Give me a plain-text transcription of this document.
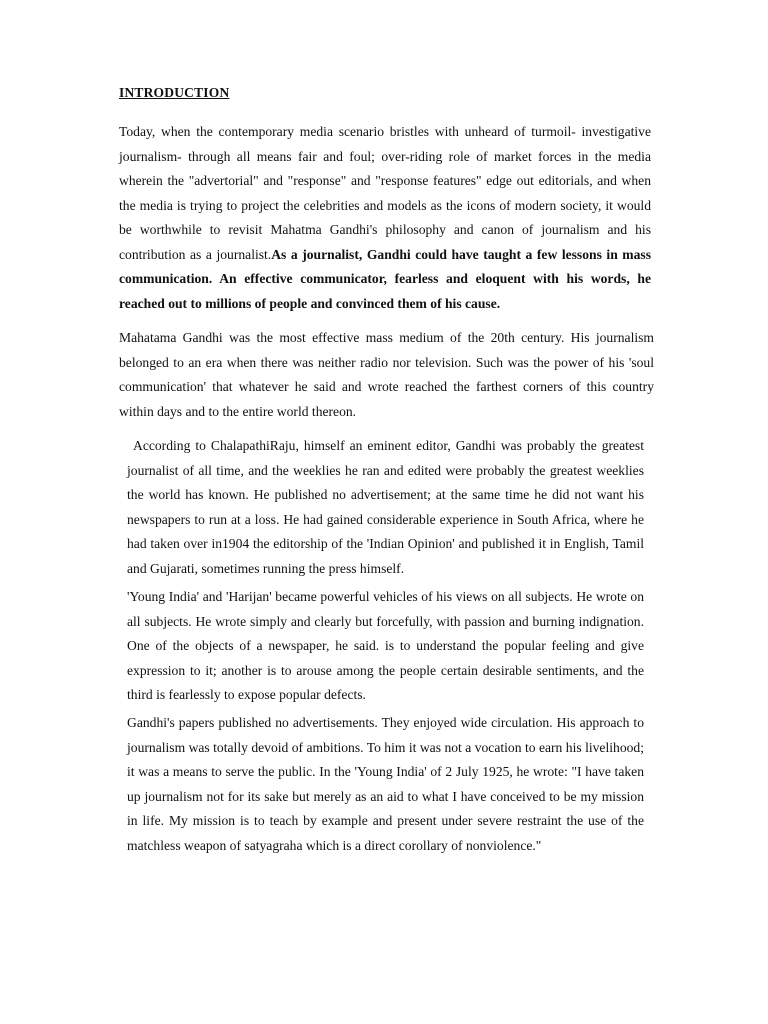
INTRODUCTION

Today, when the contemporary media scenario bristles with unheard of turmoil- investigative journalism- through all means fair and foul; over-riding role of market forces in the media wherein the "advertorial" and "response" and "response features" edge out editorials, and when the media is trying to project the celebrities and models as the icons of modern society, it would be worthwhile to revisit Mahatma Gandhi's philosophy and canon of journalism and his contribution as a journalist.As a journalist, Gandhi could have taught a few lessons in mass communication. An effective communicator, fearless and eloquent with his words, he reached out to millions of people and convinced them of his cause.

Mahatama Gandhi was the most effective mass medium of the 20th century. His journalism belonged to an era when there was neither radio nor television. Such was the power of his 'soul communication' that whatever he said and wrote reached the farthest corners of this country within days and to the entire world thereon.

According to ChalapathiRaju, himself an eminent editor, Gandhi was probably the greatest journalist of all time, and the weeklies he ran and edited were probably the greatest weeklies the world has known. He published no advertisement; at the same time he did not want his newspapers to run at a loss. He had gained considerable experience in South Africa, where he had taken over in1904 the editorship of the 'Indian Opinion' and published it in English, Tamil and Gujarati, sometimes running the press himself.

'Young India' and 'Harijan' became powerful vehicles of his views on all subjects. He wrote on all subjects. He wrote simply and clearly but forcefully, with passion and burning indignation. One of the objects of a newspaper, he said. is to understand the popular feeling and give expression to it; another is to arouse among the people certain desirable sentiments, and the third is fearlessly to expose popular defects.

Gandhi's papers published no advertisements. They enjoyed wide circulation. His approach to journalism was totally devoid of ambitions. To him it was not a vocation to earn his livelihood; it was a means to serve the public. In the 'Young India' of 2 July 1925, he wrote: "I have taken up journalism not for its sake but merely as an aid to what I have conceived to be my mission in life. My mission is to teach by example and present under severe restraint the use of the matchless weapon of satyagraha which is a direct corollary of nonviolence."
